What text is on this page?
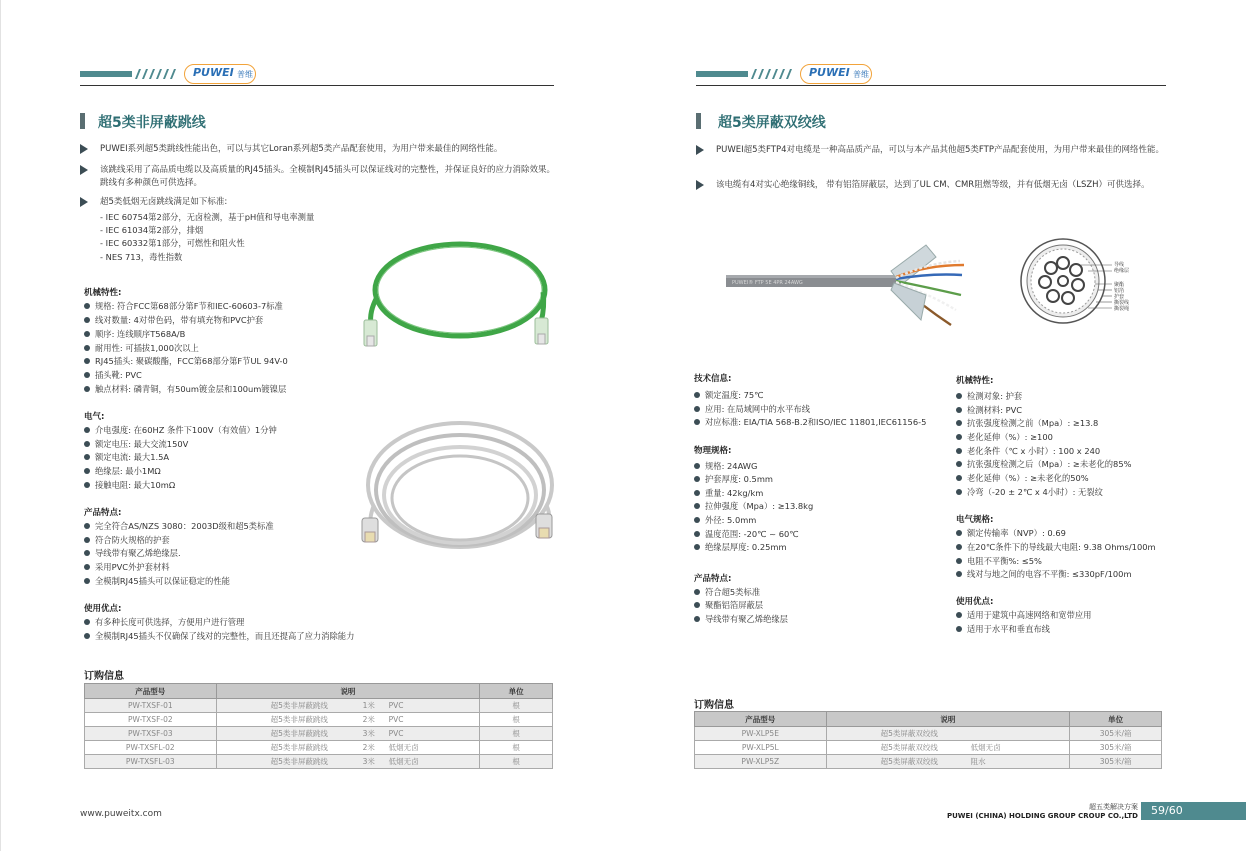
PUWEI 普维
超5类非屏蔽跳线
PUWEI系列超5类跳线性能出色，可以与其它Loran系列超5类产品配套使用，为用户带来最佳的网络性能。
该跳线采用了高品质电缆以及高质量的RJ45插头。全模制RJ45插头可以保证线对的完整性，并保证良好的应力消除效果。跳线有多种颜色可供选择。
超5类低烟无卤跳线满足如下标准:
- IEC 60754第2部分，无卤检测，基于pH值和导电率测量
- IEC 61034第2部分，排烟
- IEC 60332第1部分，可燃性和阻火性
- NES 713，毒性指数
机械特性:
规格: 符合FCC第68部分第F节和IEC-60603-7标准
线对数量: 4对带色码，带有填充物和PVC护套
顺序: 连线顺序T568A/B
耐用性: 可插拔1,000次以上
RJ45插头: 聚碳酸酯，FCC第68部分第F节UL 94V-0
插头靴: PVC
触点材料: 磷青铜，有50um镀金层和100um镀镍层
电气:
介电强度: 在60HZ 条件下100V（有效值）1分钟
额定电压: 最大交流150V
额定电流: 最大1.5A
绝缘层: 最小1MΩ
接触电阻: 最大10mΩ
产品特点:
完全符合AS/NZS 3080：2003D级和超5类标准
符合防火规格的护套
导线带有聚乙烯绝缘层.
采用PVC外护套材料
全模制RJ45插头可以保证稳定的性能
使用优点:
有多种长度可供选择，方便用户进行管理
全模制RJ45插头不仅确保了线对的完整性，而且还提高了应力消除能力
订购信息
产品型号	说明	单位
PW-TXSF-01	超5类非屏蔽跳线 1米 PVC	根
PW-TXSF-02	超5类非屏蔽跳线 2米 PVC	根
PW-TXSF-03	超5类非屏蔽跳线 3米 PVC	根
PW-TXSFL-02	超5类非屏蔽跳线 2米 低烟无卤	根
PW-TXSFL-03	超5类非屏蔽跳线 3米 低烟无卤	根
www.puweitx.com
PUWEI 普维
超5类屏蔽双绞线
PUWEI超5类FTP4对电缆是一种高品质产品，可以与本产品其他超5类FTP产品配套使用，为用户带来最佳的网络性能。
该电缆有4对实心绝缘铜线， 带有铝箔屏蔽层，达到了UL CM、CMR阻燃等级，并有低烟无卤（LSZH）可供选择。
PUWEI® FTP 5E 4PR 24AWG
导线
绝缘层
聚酯
铝箔
护套
撕裂线
撕裂绳
技术信息:
额定温度: 75℃
应用: 在局域网中的水平布线
对应标准: EIA/TIA 568-B.2和ISO/IEC 11801,IEC61156-5
物理规格:
规格: 24AWG
护套厚度: 0.5mm
重量: 42kg/km
拉伸强度（Mpa）: ≥13.8kg
外径: 5.0mm
温度范围: -20℃ ~ 60℃
绝缘层厚度: 0.25mm
产品特点:
符合超5类标准
聚酯铝箔屏蔽层
导线带有聚乙烯绝缘层
机械特性:
检测对象: 护套
检测材料: PVC
抗张强度检测之前（Mpa）: ≥13.8
老化延伸（%）: ≥100
老化条件（℃ x 小时）: 100 x 240
抗张强度检测之后（Mpa）: ≥未老化的85%
老化延伸（%）: ≥未老化的50%
冷弯（-20 ± 2℃ x 4小时）: 无裂纹
电气规格:
额定传输率（NVP）: 0.69
在20℃条件下的导线最大电阻: 9.38 Ohms/100m
电阻不平衡%: ≤5%
线对与地之间的电容不平衡: ≤330pF/100m
使用优点:
适用于建筑中高速网络和宽带应用
适用于水平和垂直布线
订购信息
产品型号	说明	单位
PW-XLP5E	超5类屏蔽双绞线	305米/箱
PW-XLP5L	超5类屏蔽双绞线 低烟无卤	305米/箱
PW-XLP5Z	超5类屏蔽双绞线 阻水	305米/箱
超五类解决方案
PUWEI (CHINA) HOLDING GROUP CROUP CO.,LTD	59/60
